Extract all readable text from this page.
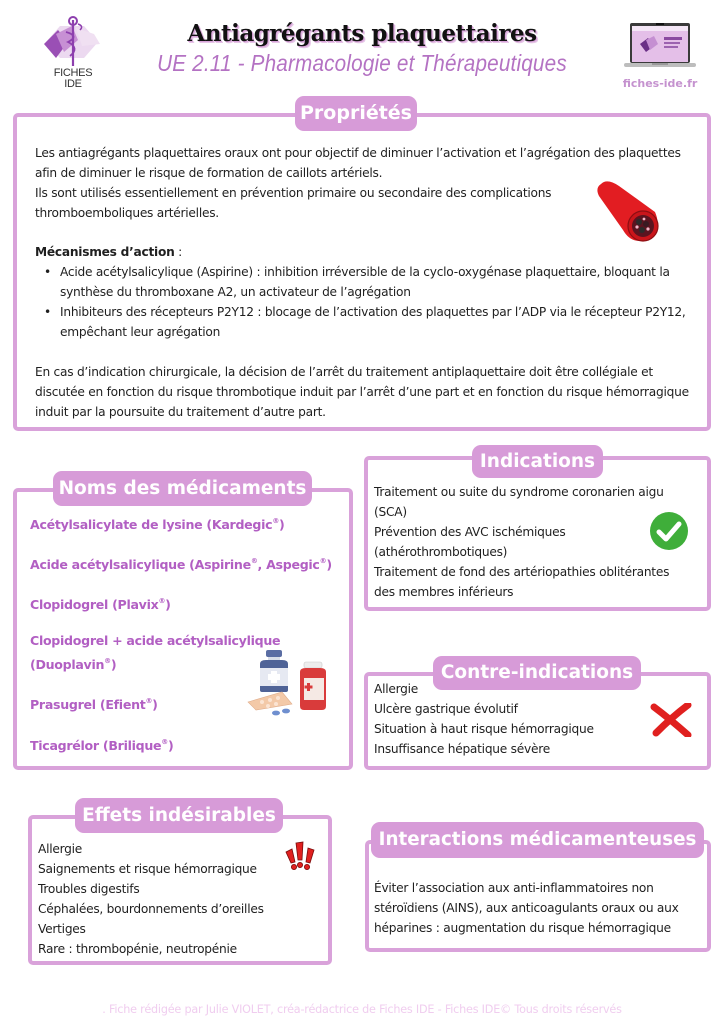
FICHES
IDE
Antiagrégants plaquettaires
UE 2.11 - Pharmacologie et Thérapeutiques
fiches-ide.fr
Propriétés
Les antiagrégants plaquettaires oraux ont pour objectif de diminuer l’activation et l’agrégation des plaquettes afin de diminuer le risque de formation de caillots artériels.
Ils sont utilisés essentiellement en prévention primaire ou secondaire des complications thromboemboliques artérielles.
Mécanismes d’action :
• Acide acétylsalicylique (Aspirine) : inhibition irréversible de la cyclo-oxygénase plaquettaire, bloquant la synthèse du thromboxane A2, un activateur de l’agrégation
• Inhibiteurs des récepteurs P2Y12 : blocage de l’activation des plaquettes par l’ADP via le récepteur P2Y12, empêchant leur agrégation
En cas d’indication chirurgicale, la décision de l’arrêt du traitement antiplaquettaire doit être collégiale et discutée en fonction du risque thrombotique induit par l’arrêt d’une part et en fonction du risque hémorragique induit par la poursuite du traitement d’autre part.
Noms des médicaments
Acétylsalicylate de lysine (Kardegic®)
Acide acétylsalicylique (Aspirine®, Aspegic®)
Clopidogrel (Plavix®)
Clopidogrel + acide acétylsalicylique
(Duoplavin®)
Prasugrel (Efient®)
Ticagrélor (Brilique®)
Indications
Traitement ou suite du syndrome coronarien aigu
(SCA)
Prévention des AVC ischémiques
(athérothrombotiques)
Traitement de fond des artériopathies oblitérantes
des membres inférieurs
Contre-indications
Allergie
Ulcère gastrique évolutif
Situation à haut risque hémorragique
Insuffisance hépatique sévère
Effets indésirables
Allergie
Saignements et risque hémorragique
Troubles digestifs
Céphalées, bourdonnements d’oreilles
Vertiges
Rare : thrombopénie, neutropénie
Interactions médicamenteuses
Éviter l’association aux anti-inflammatoires non stéroïdiens (AINS), aux anticoagulants oraux ou aux héparines : augmentation du risque hémorragique
. Fiche rédigée par Julie VIOLET, créa-rédactrice de Fiches IDE - Fiches IDE© Tous droits réservés
